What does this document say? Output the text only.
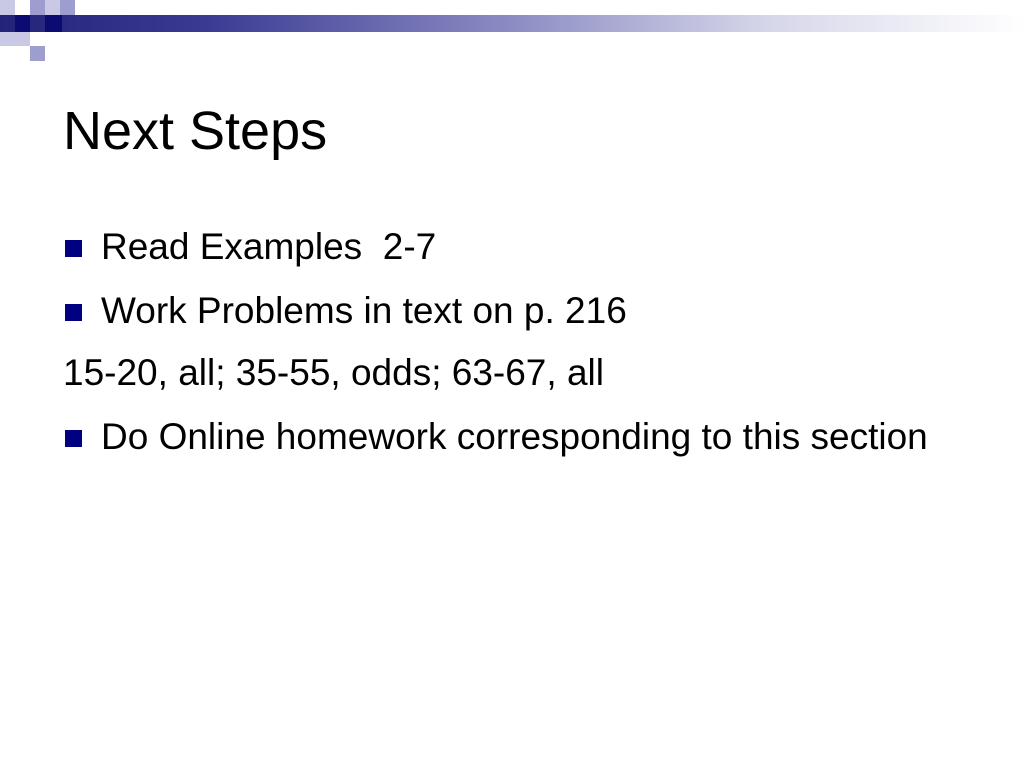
Next Steps
Read Examples  2-7
Work Problems in text on p. 216
15-20, all; 35-55, odds; 63-67, all
Do Online homework corresponding to this section
